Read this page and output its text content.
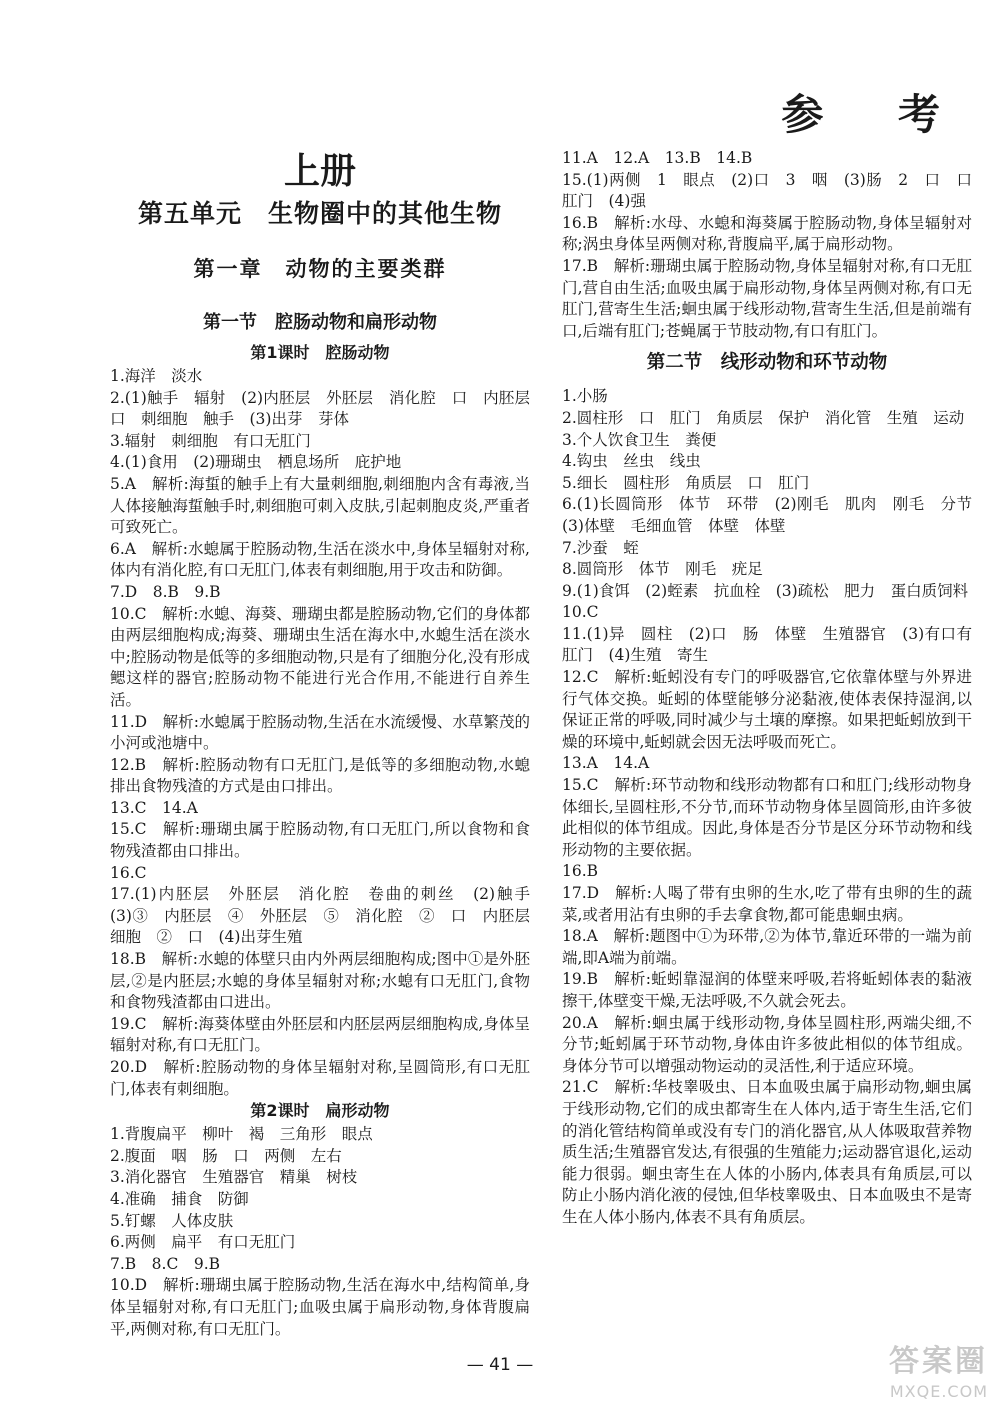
参 考
上册
第五单元　生物圈中的其他生物
第一章　动物的主要类群
第一节　腔肠动物和扁形动物
第1课时　腔肠动物

1.海洋　淡水

2.(1)触手　辐射　(2)内胚层　外胚层　消化腔　口　内胚层　口　刺细胞　触手　(3)出芽　芽体

3.辐射　刺细胞　有口无肛门

4.(1)食用　(2)珊瑚虫　栖息场所　庇护地

5.A　解析:海蜇的触手上有大量刺细胞,刺细胞内含有毒液,当人体接触海蜇触手时,刺细胞可刺入皮肤,引起刺胞皮炎,严重者可致死亡。

6.A　解析:水螅属于腔肠动物,生活在淡水中,身体呈辐射对称,体内有消化腔,有口无肛门,体表有刺细胞,用于攻击和防御。

7.D　8.B　9.B

10.C　解析:水螅、海葵、珊瑚虫都是腔肠动物,它们的身体都由两层细胞构成;海葵、珊瑚虫生活在海水中,水螅生活在淡水中;腔肠动物是低等的多细胞动物,只是有了细胞分化,没有形成鳃这样的器官;腔肠动物不能进行光合作用,不能进行自养生活。

11.D　解析:水螅属于腔肠动物,生活在水流缓慢、水草繁茂的小河或池塘中。

12.B　解析:腔肠动物有口无肛门,是低等的多细胞动物,水螅排出食物残渣的方式是由口排出。

13.C　14.A

15.C　解析:珊瑚虫属于腔肠动物,有口无肛门,所以食物和食物残渣都由口排出。

16.C

17.(1)内胚层　外胚层　消化腔　卷曲的刺丝　(2)触手　(3)③　内胚层　④　外胚层　⑤　消化腔　②　口　内胚层细胞　②　口　(4)出芽生殖

18.B　解析:水螅的体壁只由内外两层细胞构成;图中①是外胚层,②是内胚层;水螅的身体呈辐射对称;水螅有口无肛门,食物和食物残渣都由口进出。

19.C　解析:海葵体壁由外胚层和内胚层两层细胞构成,身体呈辐射对称,有口无肛门。

20.D　解析:腔肠动物的身体呈辐射对称,呈圆筒形,有口无肛门,体表有刺细胞。

第2课时　扁形动物

1.背腹扁平　柳叶　褐　三角形　眼点

2.腹面　咽　肠　口　两侧　左右

3.消化器官　生殖器官　精巢　树枝

4.准确　捕食　防御

5.钉螺　人体皮肤

6.两侧　扁平　有口无肛门

7.B　8.C　9.B

10.D　解析:珊瑚虫属于腔肠动物,生活在海水中,结构简单,身体呈辐射对称,有口无肛门;血吸虫属于扁形动物,身体背腹扁平,两侧对称,有口无肛门。

11.A　12.A　13.B　14.B

15.(1)两侧　1　眼点　(2)口　3　咽　(3)肠　2　口　口　肛门　(4)强

16.B　解析:水母、水螅和海葵属于腔肠动物,身体呈辐射对称;涡虫身体呈两侧对称,背腹扁平,属于扁形动物。

17.B　解析:珊瑚虫属于腔肠动物,身体呈辐射对称,有口无肛门,营自由生活;血吸虫属于扁形动物,身体呈两侧对称,有口无肛门,营寄生生活;蛔虫属于线形动物,营寄生生活,但是前端有口,后端有肛门;苍蝇属于节肢动物,有口有肛门。

第二节　线形动物和环节动物

1.小肠

2.圆柱形　口　肛门　角质层　保护　消化管　生殖　运动

3.个人饮食卫生　粪便

4.钩虫　丝虫　线虫

5.细长　圆柱形　角质层　口　肛门

6.(1)长圆筒形　体节　环带　(2)刚毛　肌肉　刚毛　分节　(3)体壁　毛细血管　体壁　体壁

7.沙蚕　蛭

8.圆筒形　体节　刚毛　疣足

9.(1)食饵　(2)蛭素　抗血栓　(3)疏松　肥力　蛋白质饲料

10.C

11.(1)异　圆柱　(2)口　肠　体壁　生殖器官　(3)有口有肛门　(4)生殖　寄生

12.C　解析:蚯蚓没有专门的呼吸器官,它依靠体壁与外界进行气体交换。蚯蚓的体壁能够分泌黏液,使体表保持湿润,以保证正常的呼吸,同时减少与土壤的摩擦。如果把蚯蚓放到干燥的环境中,蚯蚓就会因无法呼吸而死亡。

13.A　14.A

15.C　解析:环节动物和线形动物都有口和肛门;线形动物身体细长,呈圆柱形,不分节,而环节动物身体呈圆筒形,由许多彼此相似的体节组成。因此,身体是否分节是区分环节动物和线形动物的主要依据。

16.B

17.D　解析:人喝了带有虫卵的生水,吃了带有虫卵的生的蔬菜,或者用沾有虫卵的手去拿食物,都可能患蛔虫病。

18.A　解析:题图中①为环带,②为体节,靠近环带的一端为前端,即A端为前端。

19.B　解析:蚯蚓靠湿润的体壁来呼吸,若将蚯蚓体表的黏液擦干,体壁变干燥,无法呼吸,不久就会死去。

20.A　解析:蛔虫属于线形动物,身体呈圆柱形,两端尖细,不分节;蚯蚓属于环节动物,身体由许多彼此相似的体节组成。身体分节可以增强动物运动的灵活性,利于适应环境。

21.C　解析:华枝睾吸虫、日本血吸虫属于扁形动物,蛔虫属于线形动物,它们的成虫都寄生在人体内,适于寄生生活,它们的消化管结构简单或没有专门的消化器官,从人体吸取营养物质生活;生殖器官发达,有很强的生殖能力;运动器官退化,运动能力很弱。蛔虫寄生在人体的小肠内,体表具有角质层,可以防止小肠内消化液的侵蚀,但华枝睾吸虫、日本血吸虫不是寄生在人体小肠内,体表不具有角质层。

— 41 —	答案圈
MXQE.COM
